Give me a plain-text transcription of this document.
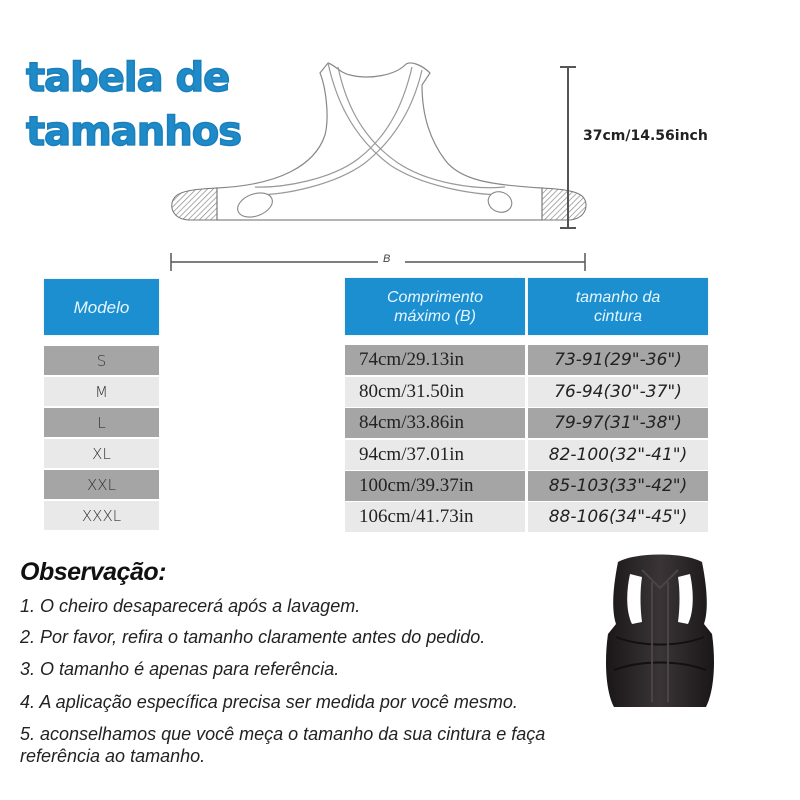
tabela de
tamanhos
B
37cm/14.56inch
Modelo
Comprimento máximo (B)
tamanho da cintura
S
M
L
XL
XXL
XXXL
74cm/29.13in
80cm/31.50in
84cm/33.86in
94cm/37.01in
100cm/39.37in
106cm/41.73in
73-91(29"-36")
76-94(30"-37")
79-97(31"-38")
82-100(32"-41")
85-103(33"-42")
88-106(34"-45")
Observação:
1. O cheiro desaparecerá após a lavagem.
2. Por favor, refira o tamanho claramente antes do pedido.
3. O tamanho é apenas para referência.
4. A aplicação específica precisa ser medida por você mesmo.
5. aconselhamos que você meça o tamanho da sua cintura e faça
referência ao tamanho.
